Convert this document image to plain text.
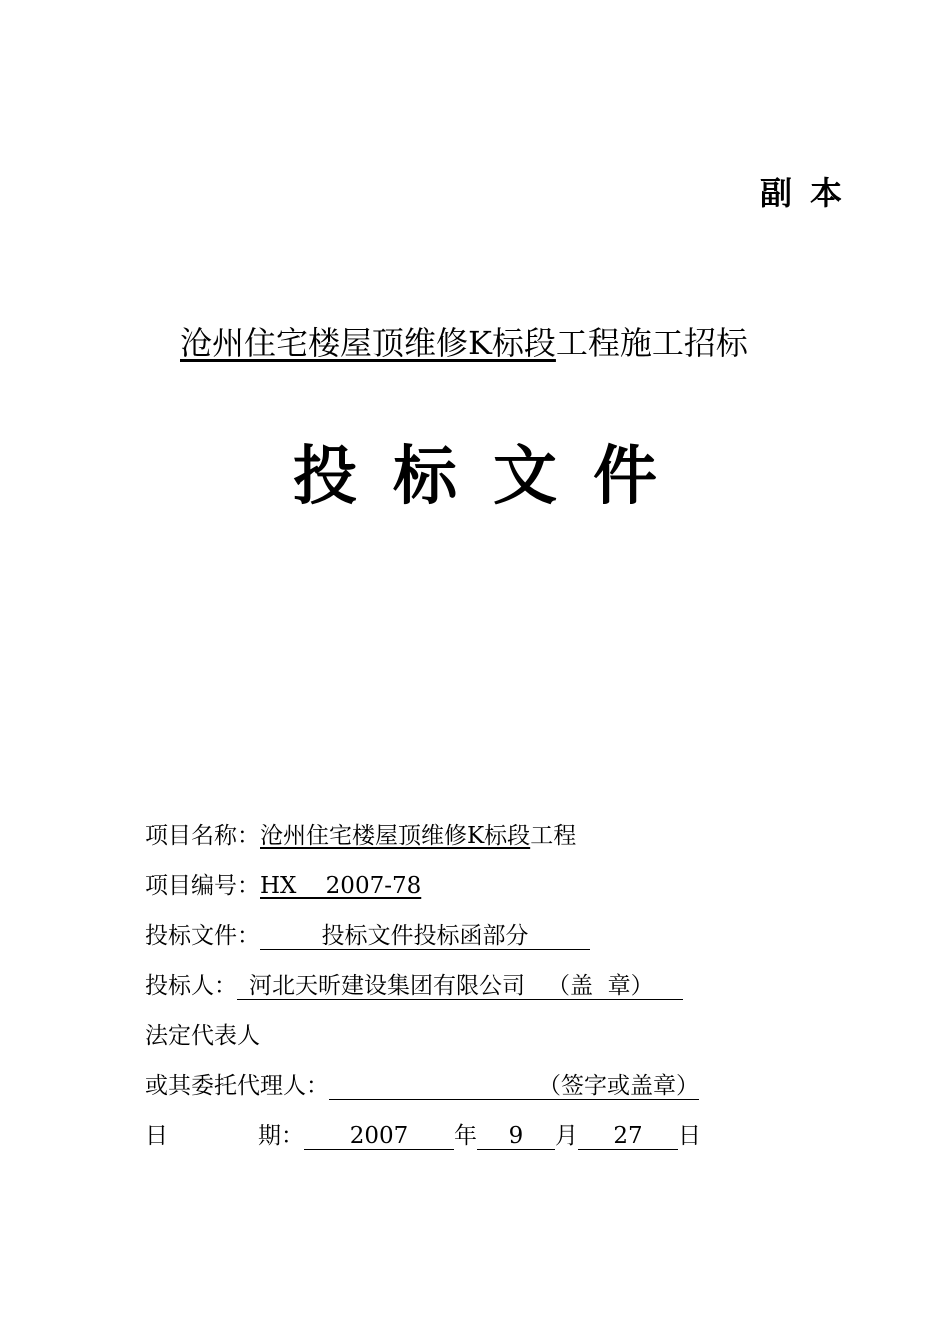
副本
沧州住宅楼屋顶维修K标段工程施工招标
投标文件
项目名称：沧州住宅楼屋顶维修K标段工程
项目编号：HX    2007-78
投标文件：	投标文件投标函部分
投标人： 河北天昕建设集团有限公司 （盖  章）
法定代表人
或其委托代理人：	（签字或盖章）
日	期： 2007 年 9 月 27 日
